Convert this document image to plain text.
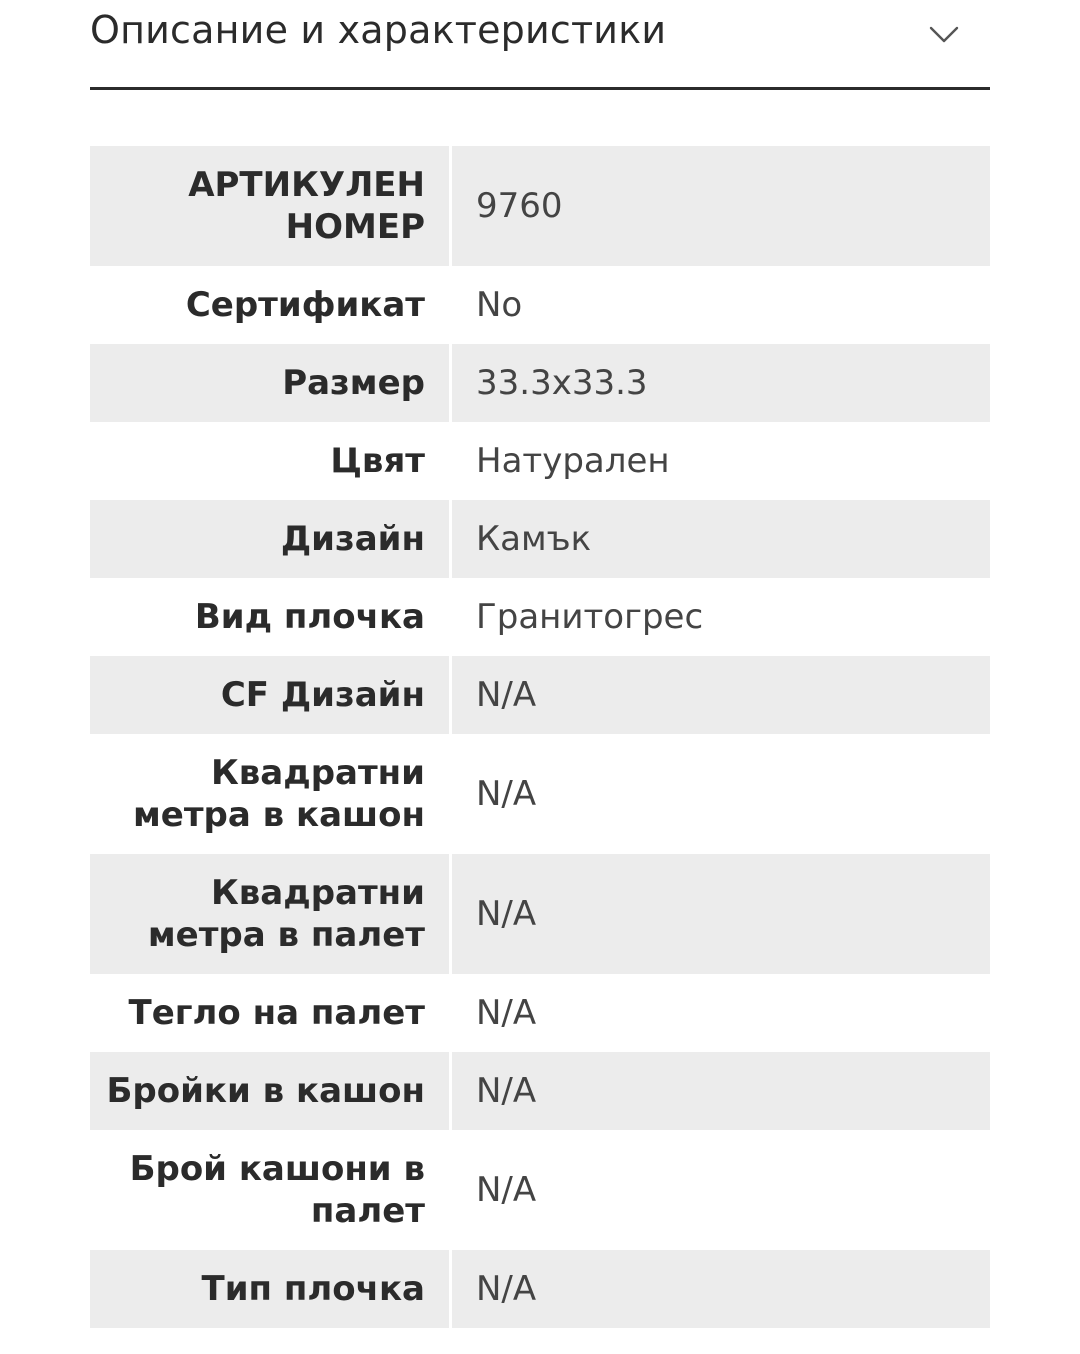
Описание и характеристики
АРТИКУЛЕН НОМЕР		9760
Сертификат		No
Размер		33.3x33.3
Цвят		Натурален
Дизайн		Камък
Вид плочка		Гранитогрес
CF Дизайн		N/A
Квадратни метра в кашон		N/A
Квадратни метра в палет		N/A
Тегло на палет		N/A
Бройки в кашон		N/A
Брой кашони в палет		N/A
Тип плочка		N/A
